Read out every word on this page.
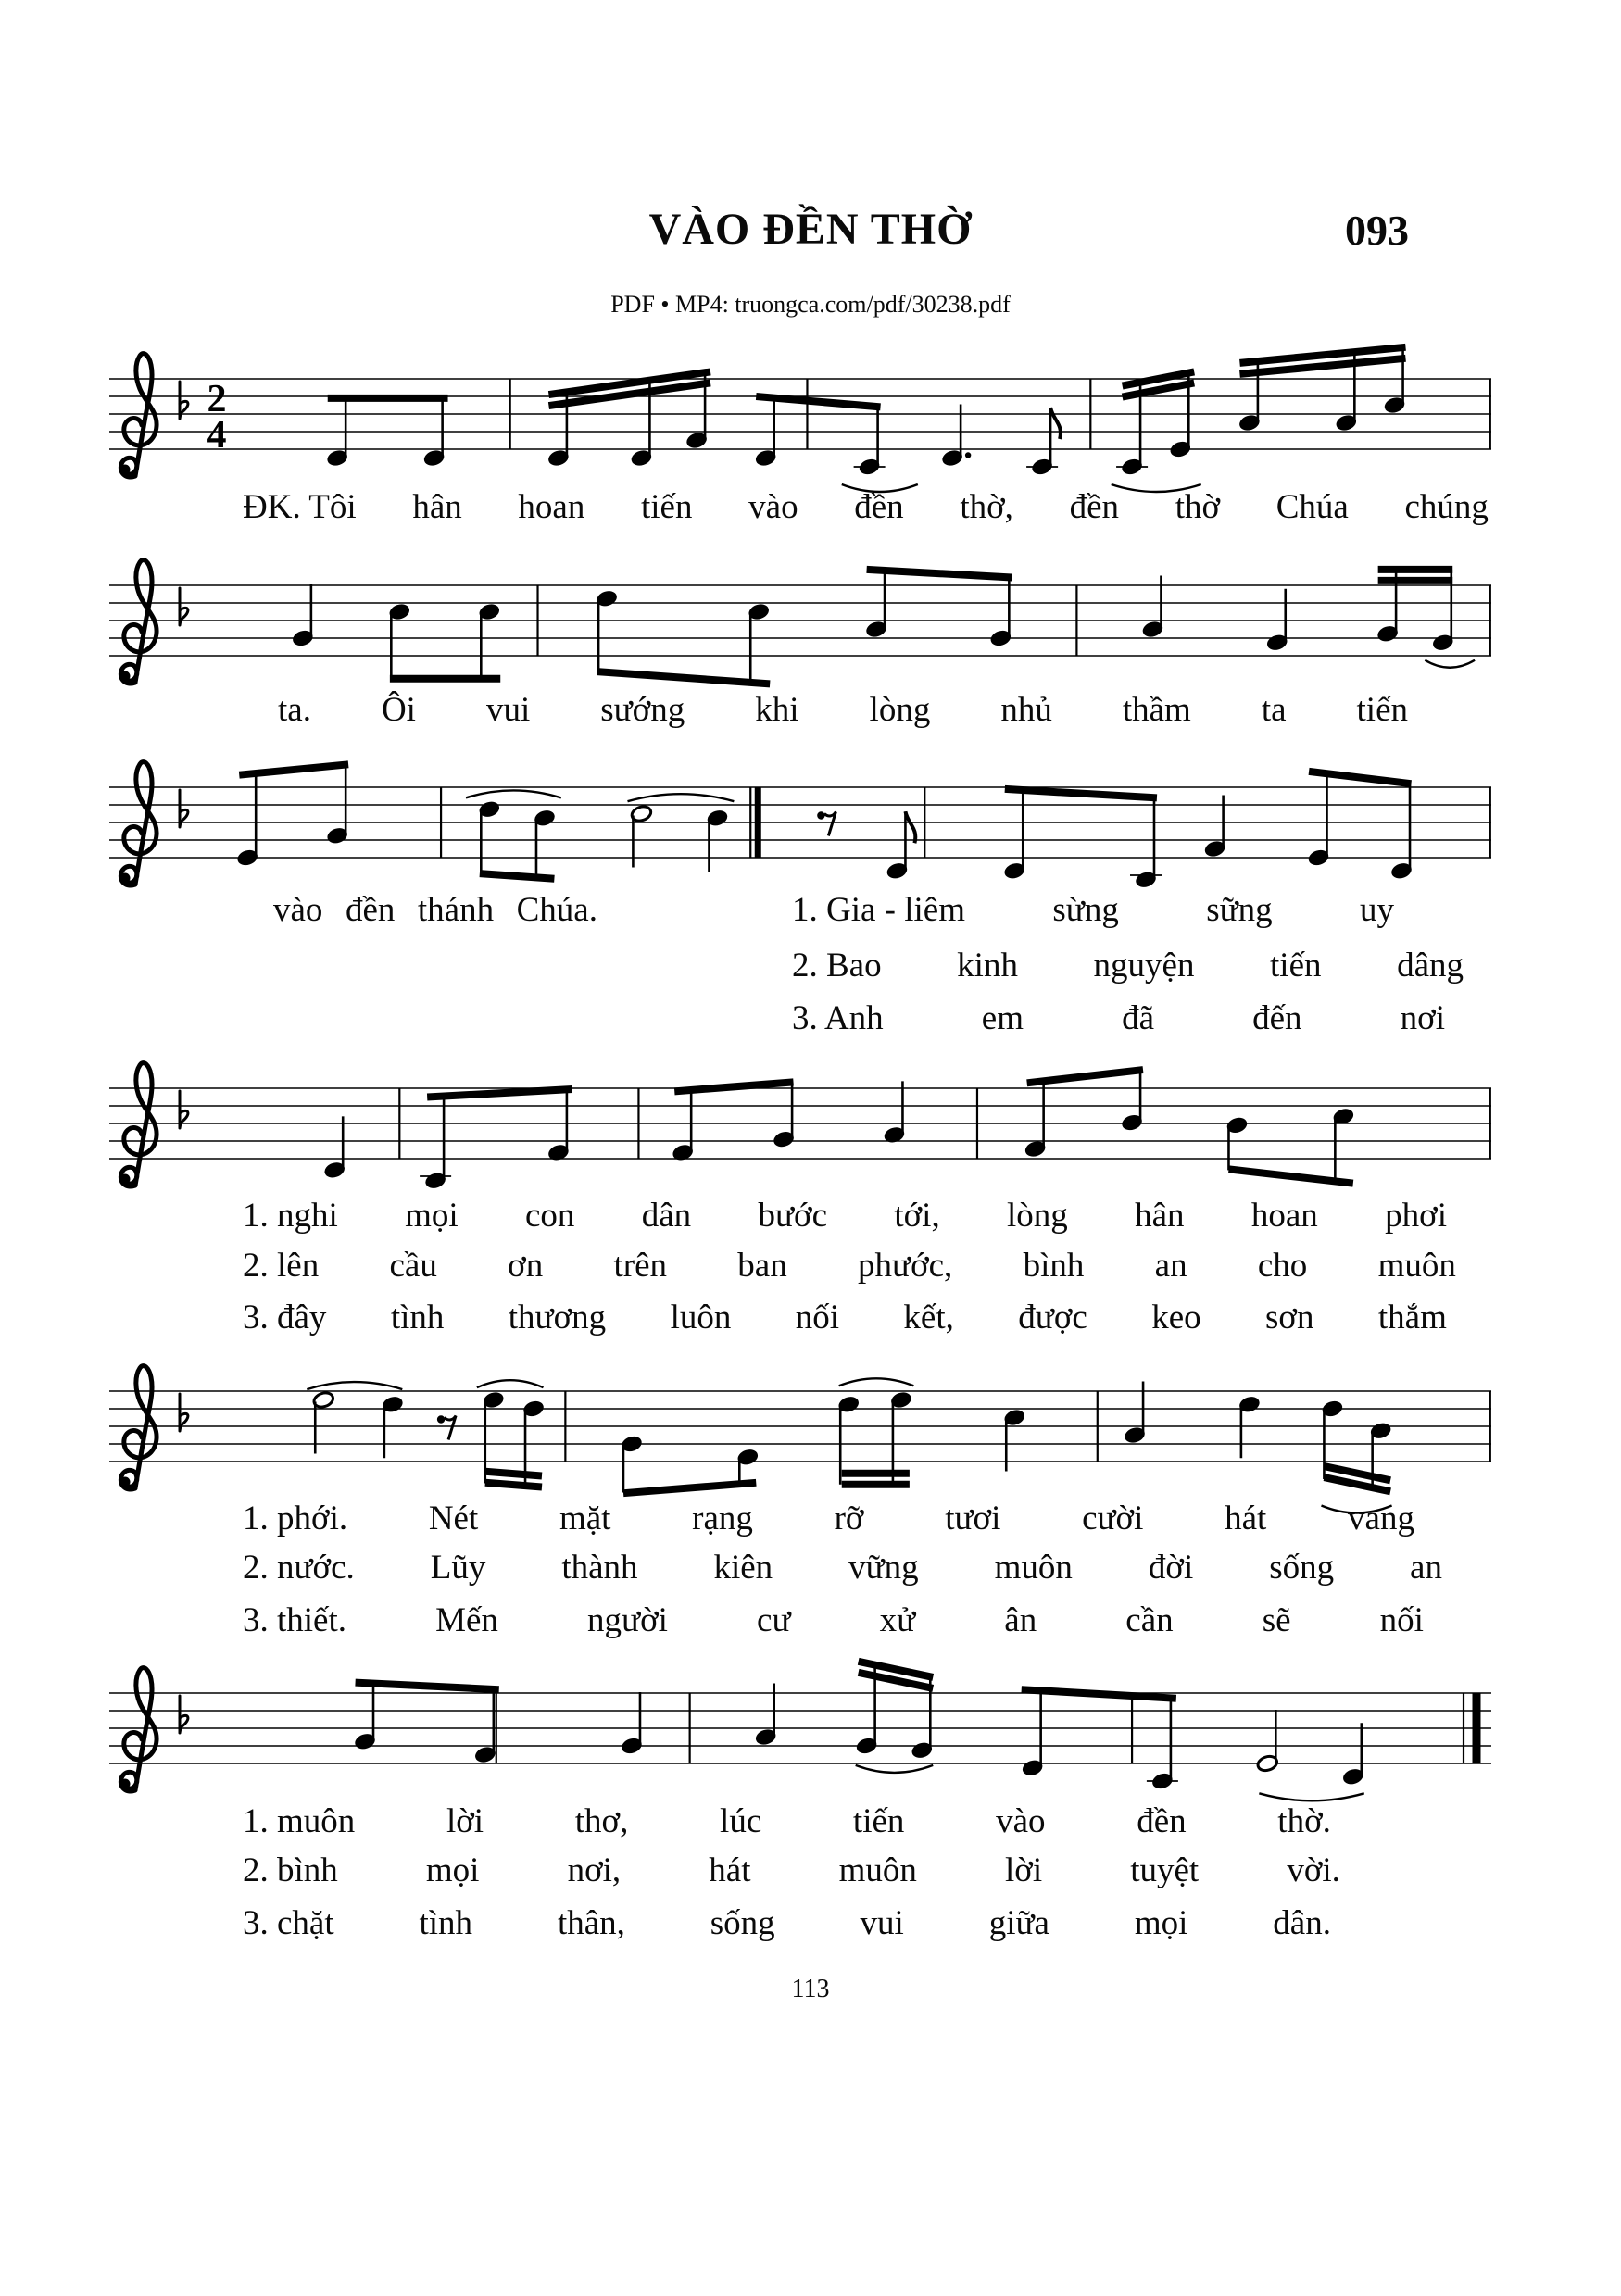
VÀO ĐỀN THỜ	093
PDF • MP4: truongca.com/pdf/30238.pdf
2
4
ĐK. Tôi hân hoan tiến vào đền thờ, đền thờ Chúa chúng
ta. Ôi vui sướng khi lòng nhủ thầm ta tiến
vào đền thánh Chúa.	1. Gia - liêm	sừng	sững	uy
2. Bao kinh nguyện tiến dâng
3. Anh	em	đã	đến	nơi
1. nghi mọi con dân bước tới, lòng hân hoan phơi
2. lên cầu ơn trên ban phước, bình an cho muôn
3. đây tình thương luôn nối kết, được keo sơn thắm
1. phới. Nét mặt rạng rỡ tươi cười hát vang
2. nước. Lũy thành kiên vững muôn đời sống an
3. thiết.	Mến	người	cư	xử	ân	cần	sẽ	nối
1. muôn	lời	thơ,	lúc	tiến	vào	đền	thờ.
2. bình	mọi	nơi,	hát	muôn	lời	tuyệt	vời.
3. chặt tình thân, sống vui giữa mọi dân.
113
